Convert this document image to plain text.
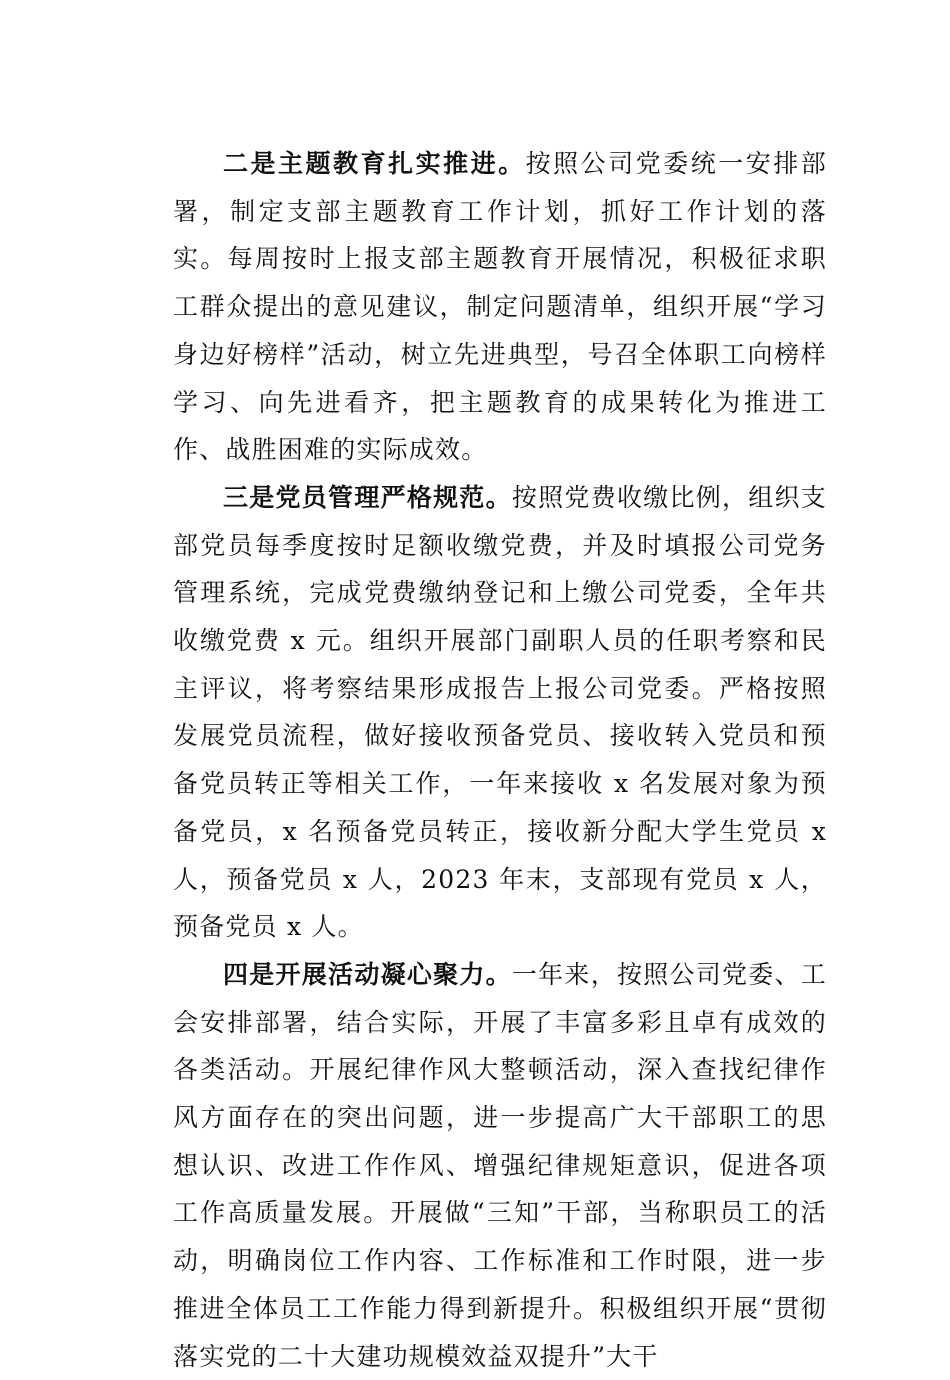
二是主题教育扎实推进。按照公司党委统一安排部署，制定支部主题教育工作计划，抓好工作计划的落实。每周按时上报支部主题教育开展情况，积极征求职工群众提出的意见建议，制定问题清单，组织开展“学习身边好榜样”活动，树立先进典型，号召全体职工向榜样学习、向先进看齐，把主题教育的成果转化为推进工作、战胜困难的实际成效。

三是党员管理严格规范。按照党费收缴比例，组织支部党员每季度按时足额收缴党费，并及时填报公司党务管理系统，完成党费缴纳登记和上缴公司党委，全年共收缴党费 x 元。组织开展部门副职人员的任职考察和民主评议，将考察结果形成报告上报公司党委。严格按照发展党员流程，做好接收预备党员、接收转入党员和预备党员转正等相关工作，一年来接收 x 名发展对象为预备党员，x 名预备党员转正，接收新分配大学生党员 x 人，预备党员 x 人，2023 年末，支部现有党员 x 人，预备党员 x 人。

四是开展活动凝心聚力。一年来，按照公司党委、工会安排部署，结合实际，开展了丰富多彩且卓有成效的各类活动。开展纪律作风大整顿活动，深入查找纪律作风方面存在的突出问题，进一步提高广大干部职工的思想认识、改进工作作风、增强纪律规矩意识，促进各项工作高质量发展。开展做“三知”干部，当称职员工的活动，明确岗位工作内容、工作标准和工作时限，进一步推进全体员工工作能力得到新提升。积极组织开展“贯彻落实党的二十大建功规模效益双提升”大干
